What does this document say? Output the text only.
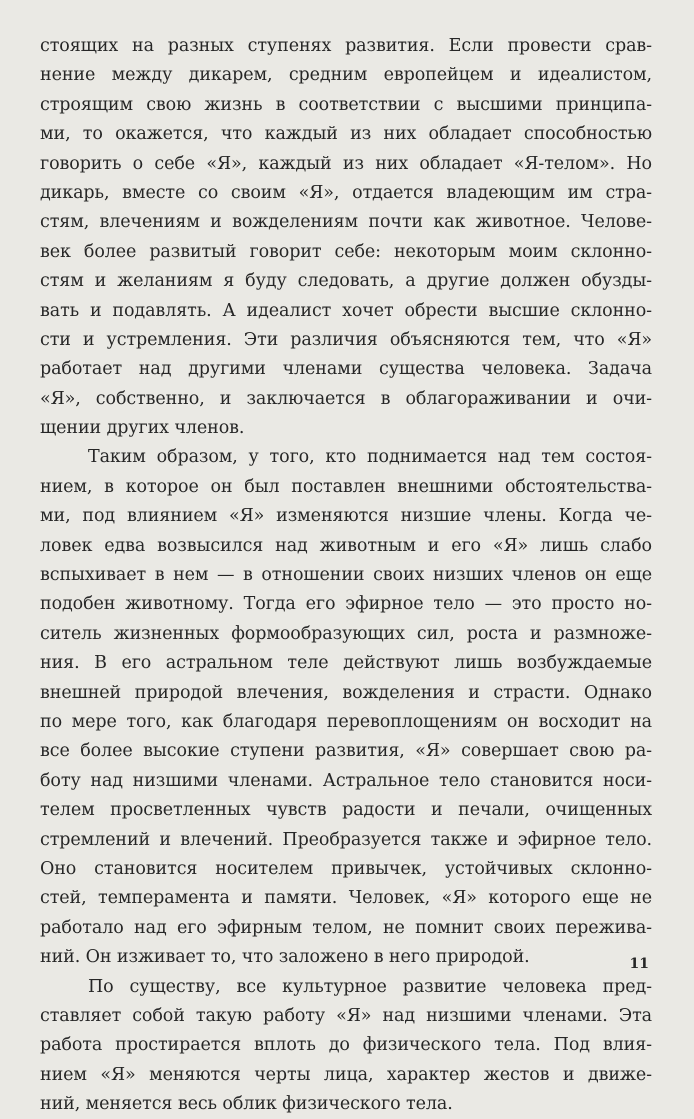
стоящих на разных ступенях развития. Если провести срав-
нение между дикарем, средним европейцем и идеалистом,
строящим свою жизнь в соответствии с высшими принципа-
ми, то окажется, что каждый из них обладает способностью
говорить о себе «Я», каждый из них обладает «Я-телом». Но
дикарь, вместе со своим «Я», отдается владеющим им стра-
стям, влечениям и вожделениям почти как животное. Челове-
век более развитый говорит себе: некоторым моим склонно-
стям и желаниям я буду следовать, а другие должен обузды-
вать и подавлять. А идеалист хочет обрести высшие склонно-
сти и устремления. Эти различия объясняются тем, что «Я»
работает над другими членами существа человека. Задача
«Я», собственно, и заключается в облагораживании и очи-
щении других членов.
Таким образом, у того, кто поднимается над тем состоя-
нием, в которое он был поставлен внешними обстоятельства-
ми, под влиянием «Я» изменяются низшие члены. Когда че-
ловек едва возвысился над животным и его «Я» лишь слабо
вспыхивает в нем — в отношении своих низших членов он еще
подобен животному. Тогда его эфирное тело — это просто но-
ситель жизненных формообразующих сил, роста и размноже-
ния. В его астральном теле действуют лишь возбуждаемые
внешней природой влечения, вожделения и страсти. Однако
по мере того, как благодаря перевоплощениям он восходит на
все более высокие ступени развития, «Я» совершает свою ра-
боту над низшими членами. Астральное тело становится носи-
телем просветленных чувств радости и печали, очищенных
стремлений и влечений. Преобразуется также и эфирное тело.
Оно становится носителем привычек, устойчивых склонно-
стей, темперамента и памяти. Человек, «Я» которого еще не
работало над его эфирным телом, не помнит своих пережива-
ний. Он изживает то, что заложено в него природой.
По существу, все культурное развитие человека пред-
ставляет собой такую работу «Я» над низшими членами. Эта
работа простирается вплоть до физического тела. Под влия-
нием «Я» меняются черты лица, характер жестов и движе-
ний, меняется весь облик физического тела.
11
